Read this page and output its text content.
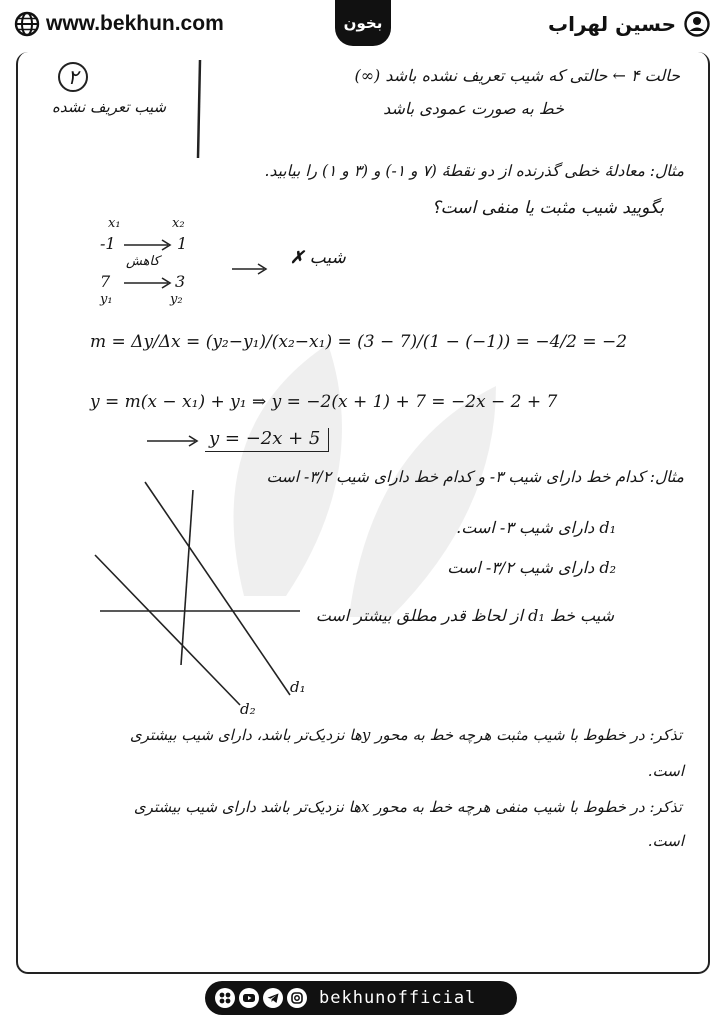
www.bekhun.com	بخون	حسین لهراب
۲
شیب تعریف نشده
حالت ۴ ← حالتی که شیب تعریف نشده باشد (∞)
خط به صورت عمودی باشد
مثال: معادلهٔ خطی گذرنده از دو نقطهٔ (۷ و ۱-) و (۳ و ۱) را بیابید.
بگویید شیب مثبت یا منفی است؟
x₁	x₂
-1	1
کاهش
7	3
y₁	y₂
شیب ✗
m = Δy/Δx = (y₂−y₁)/(x₂−x₁) = (3 − 7)/(1 − (−1)) = −4/2 = −2
y = m(x − x₁) + y₁ ⇒ y = −2(x + 1) + 7 = −2x − 2 + 7
y = −2x + 5
مثال: کدام خط دارای شیب ۳- و کدام خط دارای شیب ۳/۲- است
d₁
d₂
d₁ دارای شیب ۳- است.
d₂ دارای شیب ۳/۲- است
شیب خط d₁ از لحاظ قدر مطلق بیشتر است
تذکر: در خطوط با شیب مثبت هرچه خط به محور yها نزدیک‌تر باشد، دارای شیب بیشتری
است.
تذکر: در خطوط با شیب منفی هرچه خط به محور xها نزدیک‌تر باشد دارای شیب بیشتری
است.
bekhunofficial
